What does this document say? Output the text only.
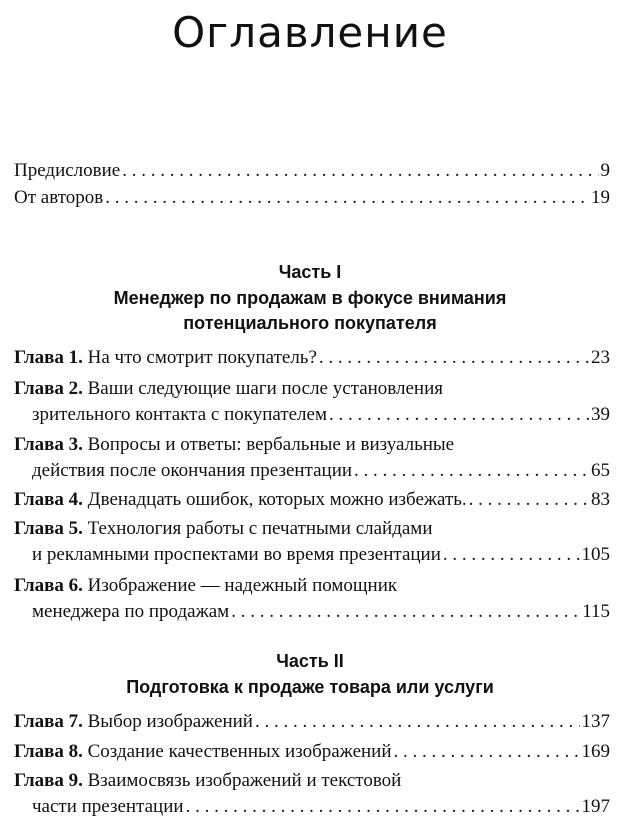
Оглавление
Предисловие . . .	9
От авторов . . .	19
Часть I
Менеджер по продажам в фокусе внимания
потенциального покупателя
Глава 1. На что смотрит покупатель? . . .	23
Глава 2. Ваши следующие шаги после установления
зрительного контакта с покупателем . . .	39
Глава 3. Вопросы и ответы: вербальные и визуальные
действия после окончания презентации . . .	65
Глава 4. Двенадцать ошибок, которых можно избежать. . . .	83
Глава 5. Технология работы с печатными слайдами
и рекламными проспектами во время презентации . . .	105
Глава 6. Изображение — надежный помощник
менеджера по продажам . . .	115
Часть II
Подготовка к продаже товара или услуги
Глава 7. Выбор изображений . . .	137
Глава 8. Создание качественных изображений . . .	169
Глава 9. Взаимосвязь изображений и текстовой
части презентации . . .	197
